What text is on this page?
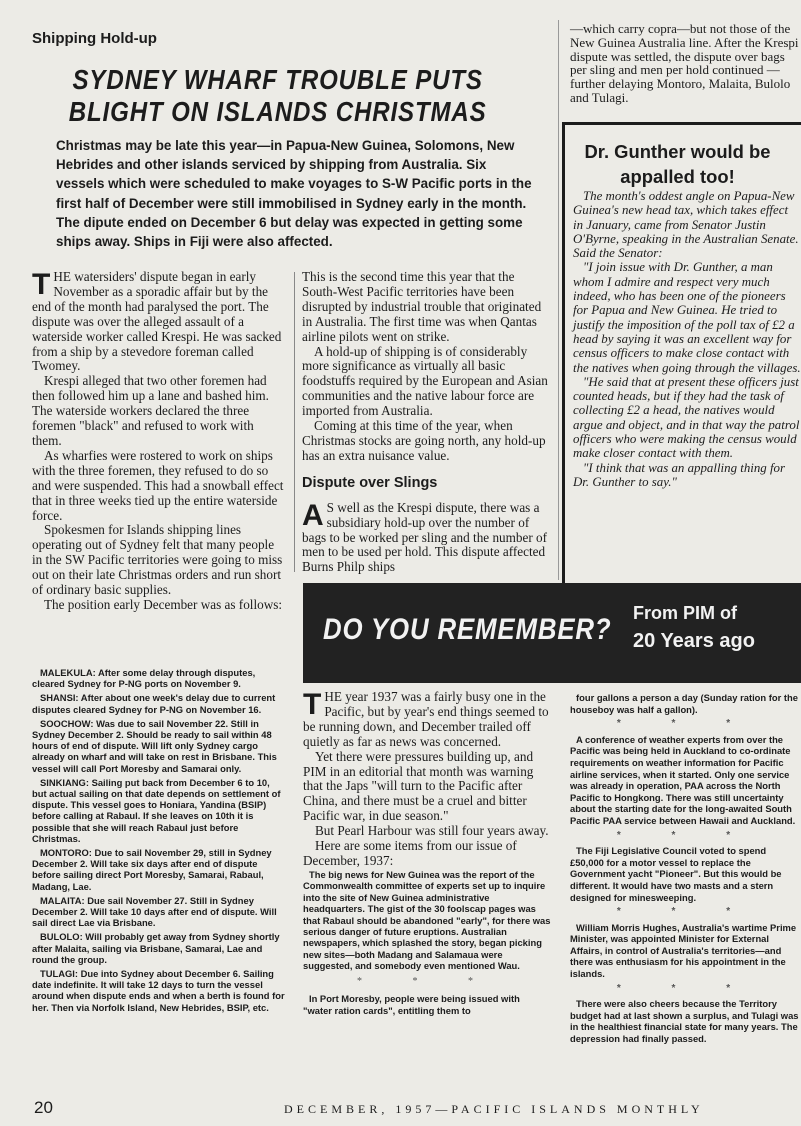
Shipping Hold-up
SYDNEY WHARF TROUBLE PUTS
BLIGHT ON ISLANDS CHRISTMAS
Christmas may be late this year—in Papua-New Guinea, Solomons, New Hebrides and other islands serviced by shipping from Australia. Six vessels which were scheduled to make voyages to S-W Pacific ports in the first half of December were still immobilised in Sydney early in the month. The dipute ended on December 6 but delay was expected in getting some ships away. Ships in Fiji were also affected.

THE watersiders' dispute began in early November as a sporadic affair but by the end of the month had paralysed the port. The dispute was over the alleged assault of a waterside worker called Krespi. He was sacked from a ship by a stevedore foreman called Twomey.

Krespi alleged that two other foremen had then followed him up a lane and bashed him. The waterside workers declared the three foremen "black" and refused to work with them.

As wharfies were rostered to work on ships with the three foremen, they refused to do so and were suspended. This had a snowball effect that in three weeks tied up the entire waterside force.

Spokesmen for Islands shipping lines operating out of Sydney felt that many people in the SW Pacific territories were going to miss out on their late Christmas orders and run short of ordinary basic supplies.

The position early December was as follows:

MALEKULA: After some delay through disputes, cleared Sydney for P-NG ports on November 9.

SHANSI: After about one week's delay due to current disputes cleared Sydney for P-NG on November 16.

SOOCHOW: Was due to sail November 22. Still in Sydney December 2. Should be ready to sail within 48 hours of end of dispute. Will lift only Sydney cargo already on wharf and will take on rest in Brisbane. This vessel will call Port Moresby and Samarai only.

SINKIANG: Sailing put back from December 6 to 10, but actual sailing on that date depends on settlement of dispute. This vessel goes to Honiara, Yandina (BSIP) before calling at Rabaul. If she leaves on 10th it is possible that she will reach Rabaul just before Christmas.

MONTORO: Due to sail November 29, still in Sydney December 2. Will take six days after end of dispute before sailing direct Port Moresby, Samarai, Rabaul, Madang, Lae.

MALAITA: Due sail November 27. Still in Sydney December 2. Will take 10 days after end of dispute. Will sail direct Lae via Brisbane.

BULOLO: Will probably get away from Sydney shortly after Malaita, sailing via Brisbane, Samarai, Lae and round the group.

TULAGI: Due into Sydney about December 6. Sailing date indefinite. It will take 12 days to turn the vessel around when dispute ends and when a berth is found for her. Then via Norfolk Island, New Hebrides, BSIP, etc.

This is the second time this year that the South-West Pacific territories have been disrupted by industrial trouble that originated in Australia. The first time was when Qantas airline pilots went on strike.

A hold-up of shipping is of considerably more significance as virtually all basic foodstuffs required by the European and Asian communities and the native labour force are imported from Australia.

Coming at this time of the year, when Christmas stocks are going north, any hold-up has an extra nuisance value.

Dispute over Slings

A S well as the Krespi dispute, there was a subsidiary hold-up over the number of bags to be worked per sling and the number of men to be used per hold. This dispute affected Burns Philp ships

—which carry copra—but not those of the New Guinea Australia line. After the Krespi dispute was settled, the dispute over bags per sling and men per hold continued —further delaying Montoro, Malaita, Bulolo and Tulagi.
Dr. Gunther would be appalled too!

The month's oddest angle on Papua-New Guinea's new head tax, which takes effect in January, came from Senator Justin O'Byrne, speaking in the Australian Senate. Said the Senator:

"I join issue with Dr. Gunther, a man whom I admire and respect very much indeed, who has been one of the pioneers for Papua and New Guinea. He tried to justify the imposition of the poll tax of £2 a head by saying it was an excellent way for census officers to make close contact with the natives when going through the villages.

"He said that at present these officers just counted heads, but if they had the task of collecting £2 a head, the natives would argue and object, and in that way the patrol officers who were making the census would make closer contact with them.

"I think that was an appalling thing for Dr. Gunther to say."

DO YOU REMEMBER? From PIM of
20 Years ago

THE year 1937 was a fairly busy one in the Pacific, but by year's end things seemed to be running down, and December trailed off quietly as far as news was concerned.

Yet there were pressures building up, and PIM in an editorial that month was warning that the Japs "will turn to the Pacific after China, and there must be a cruel and bitter Pacific war, in due season."

But Pearl Harbour was still four years away.

Here are some items from our issue of December, 1937:

The big news for New Guinea was the report of the Commonwealth committee of experts set up to inquire into the site of New Guinea administrative headquarters. The gist of the 30 foolscap pages was that Rabaul should be abandoned "early", for there was serious danger of future eruptions. Australian newspapers, which splashed the story, began picking new sites—both Madang and Salamaua were suggested, and somebody even mentioned Wau.

* * *

In Port Moresby, people were being issued with "water ration cards", entitling them to

four gallons a person a day (Sunday ration for the houseboy was half a gallon).

* * *

A conference of weather experts from over the Pacific was being held in Auckland to co-ordinate requirements on weather information for Pacific airline services, when it started. Only one service was already in operation, PAA across the North Pacific to Hongkong. There was still uncertainty about the starting date for the long-awaited South Pacific PAA service between Hawaii and Auckland.

* * *

The Fiji Legislative Council voted to spend £50,000 for a motor vessel to replace the Government yacht "Pioneer". But this would be different. It would have two masts and a stern designed for minesweeping.

* * *

William Morris Hughes, Australia's wartime Prime Minister, was appointed Minister for External Affairs, in control of Australia's territories—and there was enthusiasm for his appointment in the islands.

* * *

There were also cheers because the Territory budget had at last shown a surplus, and Tulagi was in the healthiest financial state for many years. The depression had finally passed.

20	DECEMBER, 1957—PACIFIC ISLANDS MONTHLY
